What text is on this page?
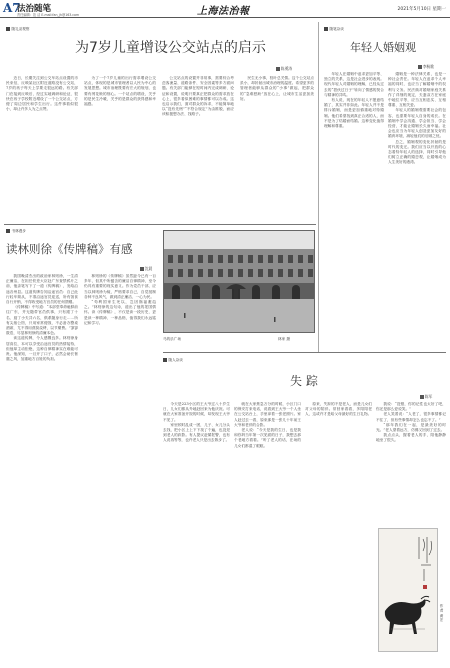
A7
法治随笔
责任编辑：范 洁 E-mail:fan_jh@163.com	上海法治報	2021年5月10日 星期一
随礼录观察
为7岁儿童增设公交站点的启示
陈勇涛

近日，长期关注到公交车站点设置的市民来信，反映某社区附近道路没有公交站，7岁的孩子每天上学要走很远的路。有关部门在接到反映后，经过实地调研和论证，很快在孩子学校附近增设了一个公交站点，方便了周边居民和学生出行。这件事看似很小，却让许多人为之点赞。

为了一个7岁儿童的出行需求增设公交站点，体现的是城市管理者以人民为中心的发展思想。城市治理既要有宏大的规划，也要有绣花般的细心。一个站点的增设，关乎的是民生冷暖，关乎的是群众的获得感和幸福感。

公交站点的设置并非易事，需要综合考虑客流量、道路条件、安全因素等多方面问题。有关部门能够在短时间内完成调研、论证和设置，说明只要真正把群众的需求放在心上，很多看似困难的事情都可以办成。这也启示我们，面对群众的诉求，不能简单地以“没有先例”“不符合规定”为由推脱，而应该积极想办法、找路子。

民生无小事，枝叶总关情。这个公交站点虽小，却折射出城市治理的温度。希望更多的管理者能够从群众的“小事”做起，把群众的“急难愁盼”放在心上，让城市生活更加美好。

随笔杂谈
年轻人婚姻观
李秋歌

年轻人在婚姻中追求更加平等、独立的关系，这是社会进步的表现。现代年轻人对婚姻的理解，已经从过去的“搭伙过日子”转向了情感的契合与精神的共鸣。

有人说，现在的年轻人不愿意结婚了，其实并非如此。年轻人并不是排斥婚姻，而是更加慎重地对待婚姻。他们希望找到真正合适的人，而不是为了结婚而结婚。这种变化值得理解和尊重。

婚姻是一种法律关系，也是一种社会责任。年轻人在追求个人幸福的同时，也应当了解婚姻中的权利与义务。民法典对婚姻家庭关系作了详细的规定，夫妻双方在家庭中地位平等，应当互相忠实、互相尊重、互相关爱。

年轻人的婚姻观需要社会的包容，也需要年轻人自身的成长。在婚姻中学会沟通、学会担当、学会经营，才能让婚姻长久而幸福。社会也应当为年轻人创造更加友好的婚育环境，减轻他们的后顾之忧。

总之，婚姻观的变化折射的是时代的变迁。我们应当以开放的心态看待年轻人的选择，同时引导他们树立正确的婚恋观，让婚姻成为人生美好的港湾。

书林漫步
读林则徐《传牌稿》有感
沈晨

我国晚清杰出的政治家林则徐，一生清正廉洁，在担任钦差大臣赴广东查禁鸦片之前，他亲笔写下了一道《传牌稿》，发给沿途各州县。这道传牌告知沿途官员：自己此行轻车简从，不准沿途官员迎送，所有饭食自行开销，不得收受地方官员的任何馈赠。

《传牌稿》中写道：“本部堂奉命驰驿前往广东，并无随带官员供事，只有跟丁十名、厨丁小夫共六名，俱系随身行走……所有尖宿公馆，只用家常便饭，不必备办整桌酒席，尤不得用燕窝烧烤，以节糜费。”寥寥数语，尽显林则徐的清廉本色。

读这道传牌，令人感慨良多。林则徐身居高位，本可以享受沿途官员的热情接待，但他却主动拒绝，这种自律精神实在难能可贵。他深知，一旦开了口子，必然会助长奢靡之风，加重地方百姓的负担。

林则徐的《传牌稿》虽然距今已有一百多年，但其中所蕴含的廉洁自律精神，至今仍具有重要的现实意义。作为党员干部，应当以林则徐为镜，严格要求自己，自觉抵制各种不良风气，做到清正廉洁、一心为民。

“苟利国家生死以，岂因祸福避趋之。”林则徐的这句诗，道出了他的报国情怀。读《传牌稿》，不仅是读一段历史，更是读一种精神、一种品格，值得我们永远铭记和学习。

马的乐广场	林家 摄
随人杂谈
失 踪
陈军

今天是223小区的王大爷过八十岁生日，儿女们都从外地赶回来为他庆祝。可就在大家准备开饭的时候，却发现王大爷不见了。

家里顿时乱成一团，儿子、女儿分头去找，把小区上上下下找了个遍，也没见到老人的踪影。有人提议赶紧报警，也有人说再等等，也许老人只是出去散步了。

就在大家焦急万分的时候，小区门口的保安打来电话，说看到王大爷一个人坐在公交站台上，手里拿着一张老照片。家人赶过去一看，原来那是一张几十年前王大爷和老伴的合影。

老人说：“今天是我的生日，也是我和你妈当年第一次见面的日子，我想去那个老地方看看。”听了老人的话，在场的儿女们都湿了眼眶。

原来，失踪的不是老人，而是儿女们对父母的陪伴。常回家看看，多陪陪老人，这或许才是给父母最好的生日礼物。

我说：“没错，你的记性也太好了吧，你还是那么爱说笑。”

老人笑着说：“人老了，很多事情都记不住了，但有些事情却怎么也忘不了。”

“那年我们在一起，是最美好的时光。”老人望着远方，仿佛又回到了过去。

我点点头，握着老人的手，陪他静静地坐了很久。

作者 黄宏
